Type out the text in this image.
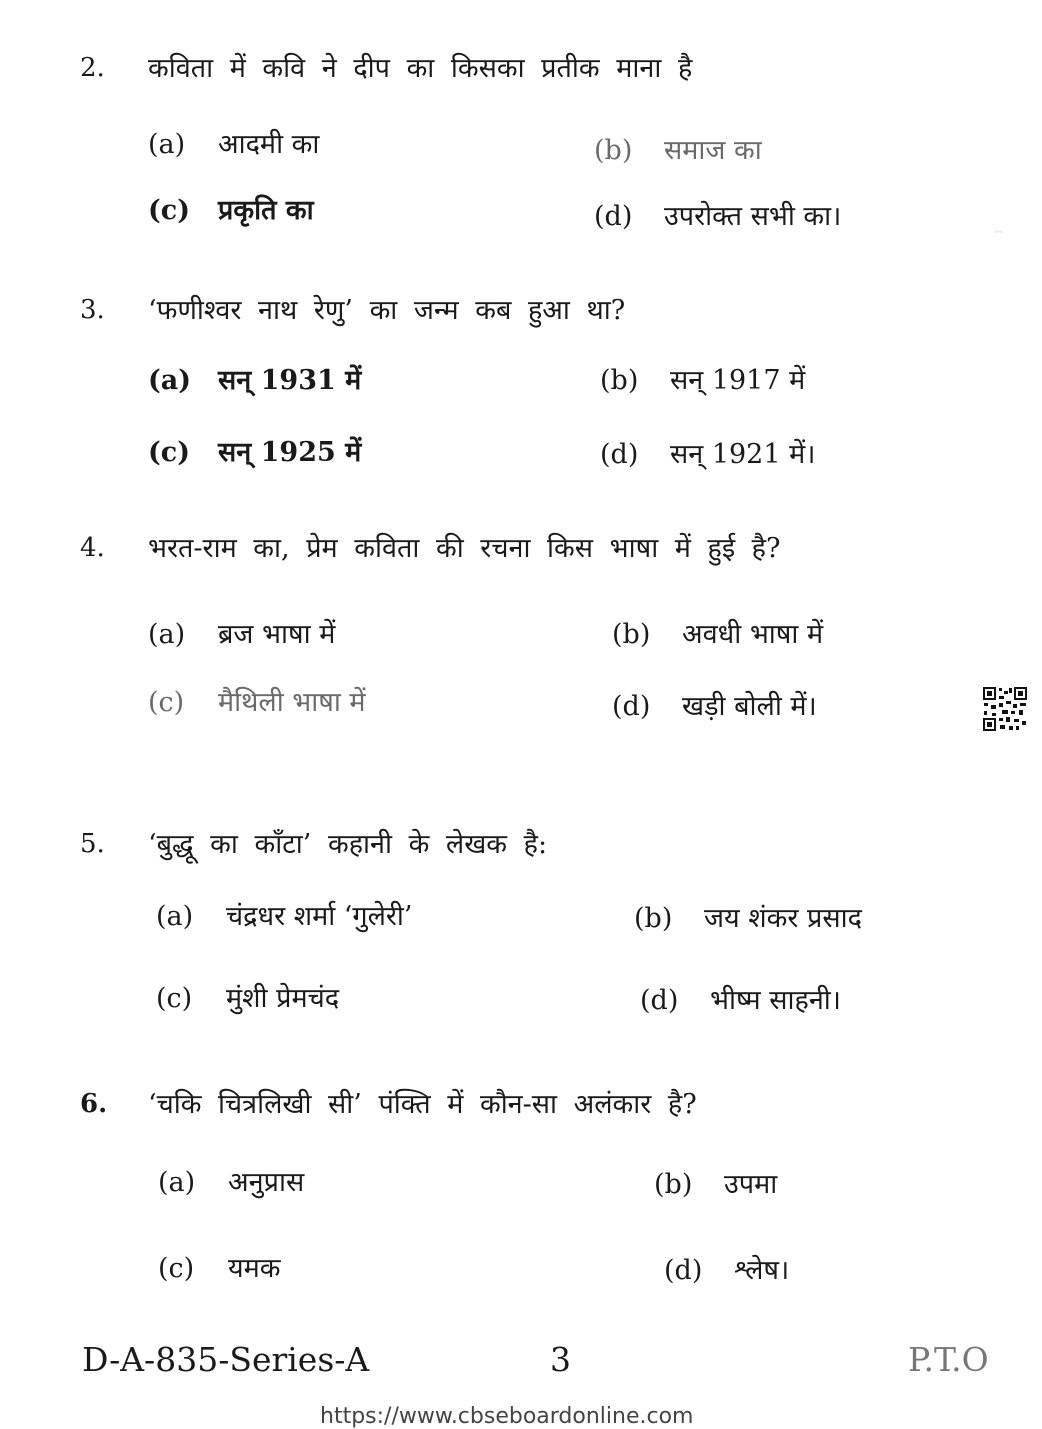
2.	कविता में कवि ने दीप का किसका प्रतीक माना है
(a) आदमी का	(b) समाज का
(c) प्रकृति का	(d) उपरोक्त सभी का।
3.	‘फणीश्वर नाथ रेणु’ का जन्म कब हुआ था?
(a) सन् 1931 में	(b) सन् 1917 में
(c) सन् 1925 में	(d) सन् 1921 में।
4.	भरत-राम का, प्रेम कविता की रचना किस भाषा में हुई है?
(a) ब्रज भाषा में	(b) अवधी भाषा में
(c) मैथिली भाषा में	(d) खड़ी बोली में।
5.	‘बुद्धू का काँटा’ कहानी के लेखक है:
(a) चंद्रधर शर्मा ‘गुलेरी’	(b) जय शंकर प्रसाद
(c) मुंशी प्रेमचंद	(d) भीष्म साहनी।
6.	‘चकि चित्रलिखी सी’ पंक्ति में कौन-सा अलंकार है?
(a) अनुप्रास	(b) उपमा
(c) यमक	(d) श्लेष।
···
D-A-835-Series-A	3	P.T.O
https://www.cbseboardonline.com
